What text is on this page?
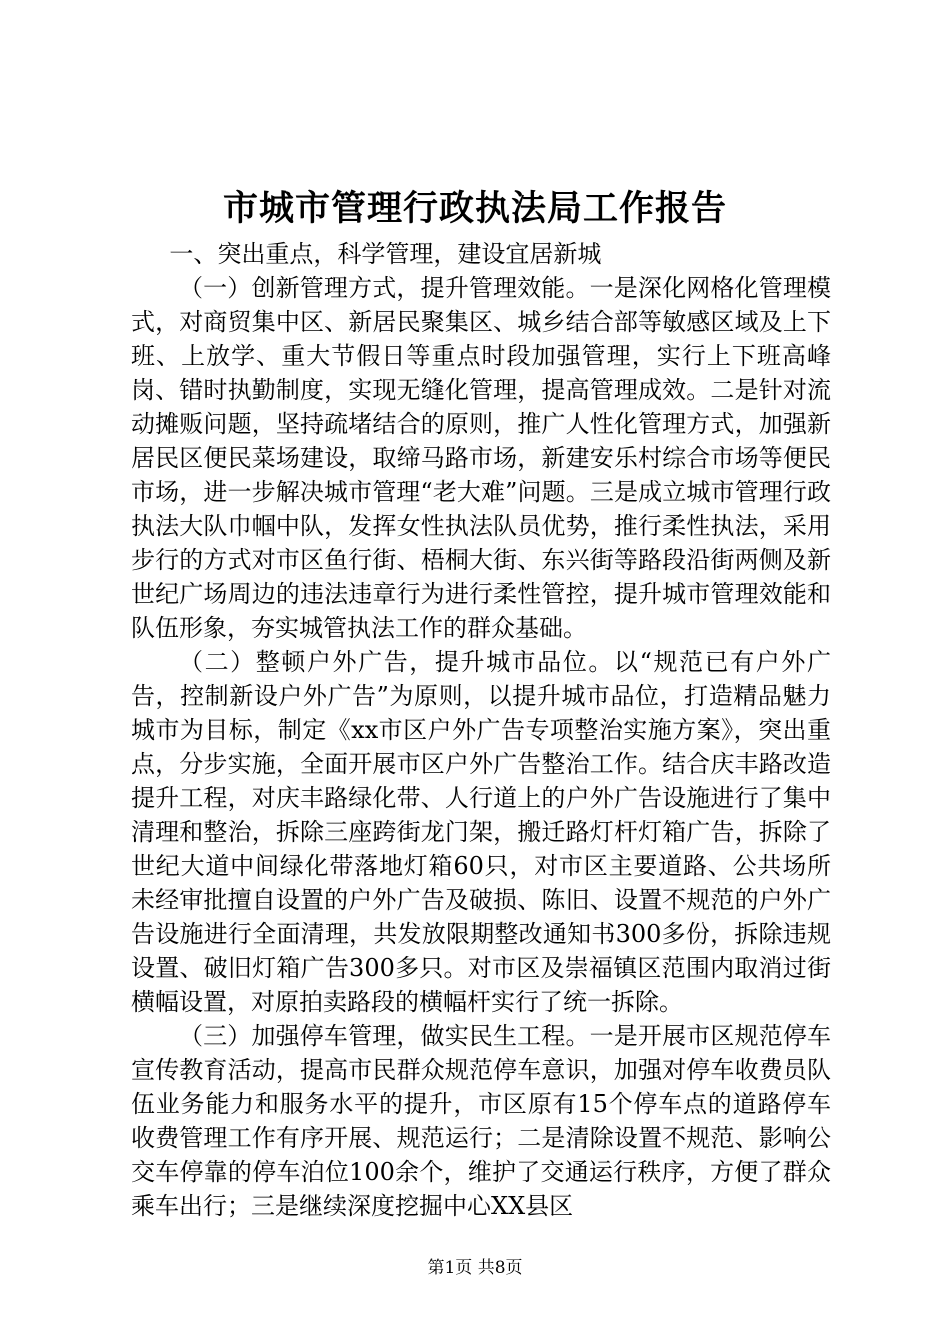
市城市管理行政执法局工作报告

一、突出重点，科学管理，建设宜居新城

（一）创新管理方式，提升管理效能。一是深化网格化管理模式，对商贸集中区、新居民聚集区、城乡结合部等敏感区域及上下班、上放学、重大节假日等重点时段加强管理，实行上下班高峰岗、错时执勤制度，实现无缝化管理，提高管理成效。二是针对流动摊贩问题，坚持疏堵结合的原则，推广人性化管理方式，加强新居民区便民菜场建设，取缔马路市场，新建安乐村综合市场等便民市场，进一步解决城市管理“老大难”问题。三是成立城市管理行政执法大队巾帼中队，发挥女性执法队员优势，推行柔性执法，采用步行的方式对市区鱼行街、梧桐大街、东兴街等路段沿街两侧及新世纪广场周边的违法违章行为进行柔性管控，提升城市管理效能和队伍形象，夯实城管执法工作的群众基础。

（二）整顿户外广告，提升城市品位。以“规范已有户外广告，控制新设户外广告”为原则，以提升城市品位，打造精品魅力城市为目标，制定《xx市区户外广告专项整治实施方案》，突出重点，分步实施，全面开展市区户外广告整治工作。结合庆丰路改造提升工程，对庆丰路绿化带、人行道上的户外广告设施进行了集中清理和整治，拆除三座跨街龙门架，搬迁路灯杆灯箱广告，拆除了世纪大道中间绿化带落地灯箱60只，对市区主要道路、公共场所未经审批擅自设置的户外广告及破损、陈旧、设置不规范的户外广告设施进行全面清理，共发放限期整改通知书300多份，拆除违规设置、破旧灯箱广告300多只。对市区及崇福镇区范围内取消过街横幅设置，对原拍卖路段的横幅杆实行了统一拆除。

（三）加强停车管理，做实民生工程。一是开展市区规范停车宣传教育活动，提高市民群众规范停车意识，加强对停车收费员队伍业务能力和服务水平的提升，市区原有15个停车点的道路停车收费管理工作有序开展、规范运行；二是清除设置不规范、影响公交车停靠的停车泊位100余个，维护了交通运行秩序，方便了群众乘车出行；三是继续深度挖掘中心XX县区

第1页 共8页
